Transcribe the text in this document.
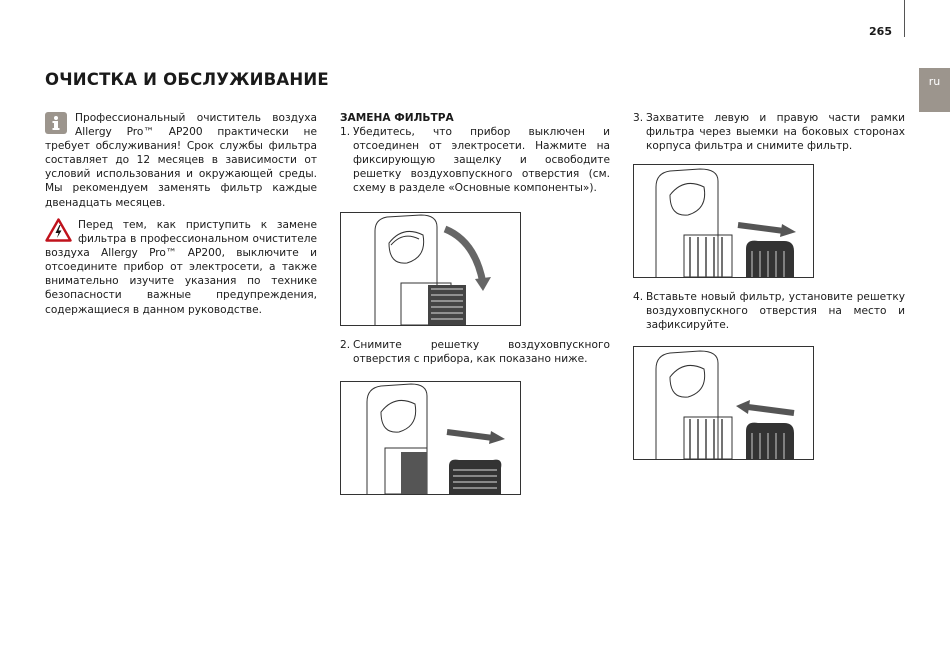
265
ru
ОЧИСТКА И ОБСЛУЖИВАНИЕ
Профессиональный очиститель воздуха Allergy Pro™ AP200 практически не требует обслуживания! Срок службы фильтра составляет до 12 месяцев в зависимости от условий использования и окружающей среды. Мы рекомендуем заменять фильтр каждые двенадцать месяцев.
Перед тем, как приступить к замене фильтра в профессиональном очистителе воздуха Allergy Pro™ AP200, выключите и отсоедините прибор от электросети, а также внимательно изучите указания по технике безопасности важные предупреждения, содержащиеся в данном руководстве.
ЗАМЕНА ФИЛЬТРА
1. Убедитесь, что прибор выключен и отсоединен от электросети. Нажмите на фиксирующую защелку и освободите решетку воздуховпускного отверстия (см. схему в разделе «Основные компоненты»).
2. Снимите решетку воздуховпускного отверстия с прибора, как показано ниже.
3. Захватите левую и правую части рамки фильтра через выемки на боковых сторонах корпуса фильтра и снимите фильтр.
4. Вставьте новый фильтр, установите решетку воздуховпускного отверстия на место и зафиксируйте.
